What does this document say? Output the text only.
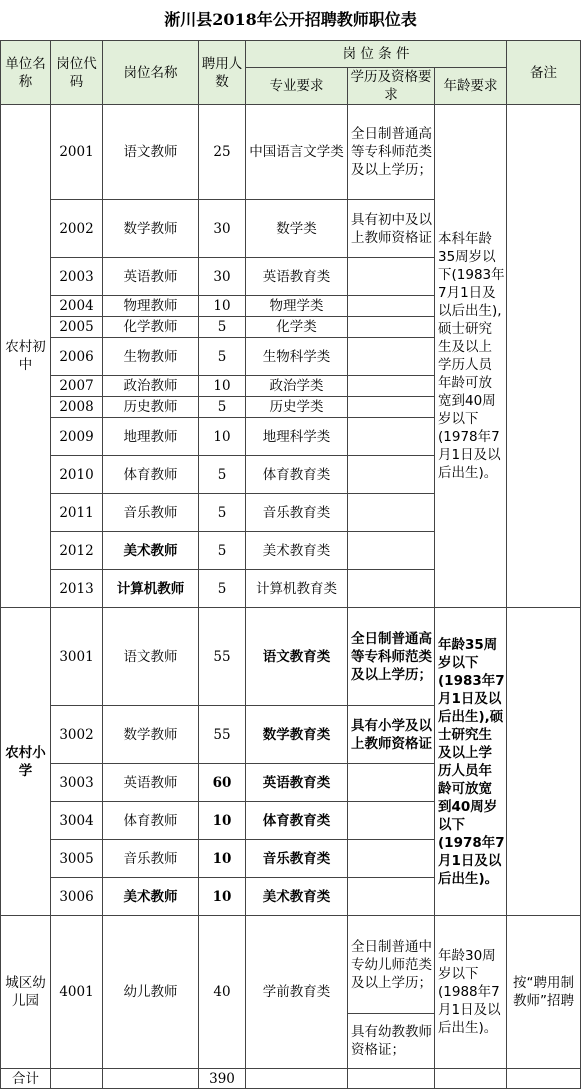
淅川县2018年公开招聘教师职位表
单位名称	岗位代码	岗位名称	聘用人数	岗 位 条 件			备注
				专业要求	学历及资格要求	年龄要求	
农村初中	2001	语文教师	25	中国语言文学类	全日制普通高等专科师范类及以上学历；	本科年龄35周岁以下(1983年7月1日及以后出生),硕士研究生及以上学历人员年龄可放宽到40周岁以下(1978年7月1日及以后出生)。	
	2002	数学教师	30	数学类	具有初中及以上教师资格证		
	2003	英语教师	30	英语教育类			
	2004	物理教师	10	物理学类			
	2005	化学教师	5	化学类			
	2006	生物教师	5	生物科学类			
	2007	政治教师	10	政治学类			
	2008	历史教师	5	历史学类			
	2009	地理教师	10	地理科学类			
	2010	体育教师	5	体育教育类			
	2011	音乐教师	5	音乐教育类			
	2012	美术教师	5	美术教育类			
	2013	计算机教师	5	计算机教育类			
农村小学	3001	语文教师	55	语文教育类	全日制普通高等专科师范类及以上学历；	年龄35周岁以下(1983年7月1日及以后出生),硕士研究生及以上学历人员年龄可放宽到40周岁以下(1978年7月1日及以后出生)。	
	3002	数学教师	55	数学教育类	具有小学及以上教师资格证		
	3003	英语教师	60	英语教育类			
	3004	体育教师	10	体育教育类			
	3005	音乐教师	10	音乐教育类			
	3006	美术教师	10	美术教育类			
城区幼儿园	4001	幼儿教师	40	学前教育类	全日制普通中专幼儿师范类及以上学历；	年龄30周岁以下(1988年7月1日及以后出生)。	按“聘用制教师”招聘
					具有幼教教师资格证；		
合计			390				
